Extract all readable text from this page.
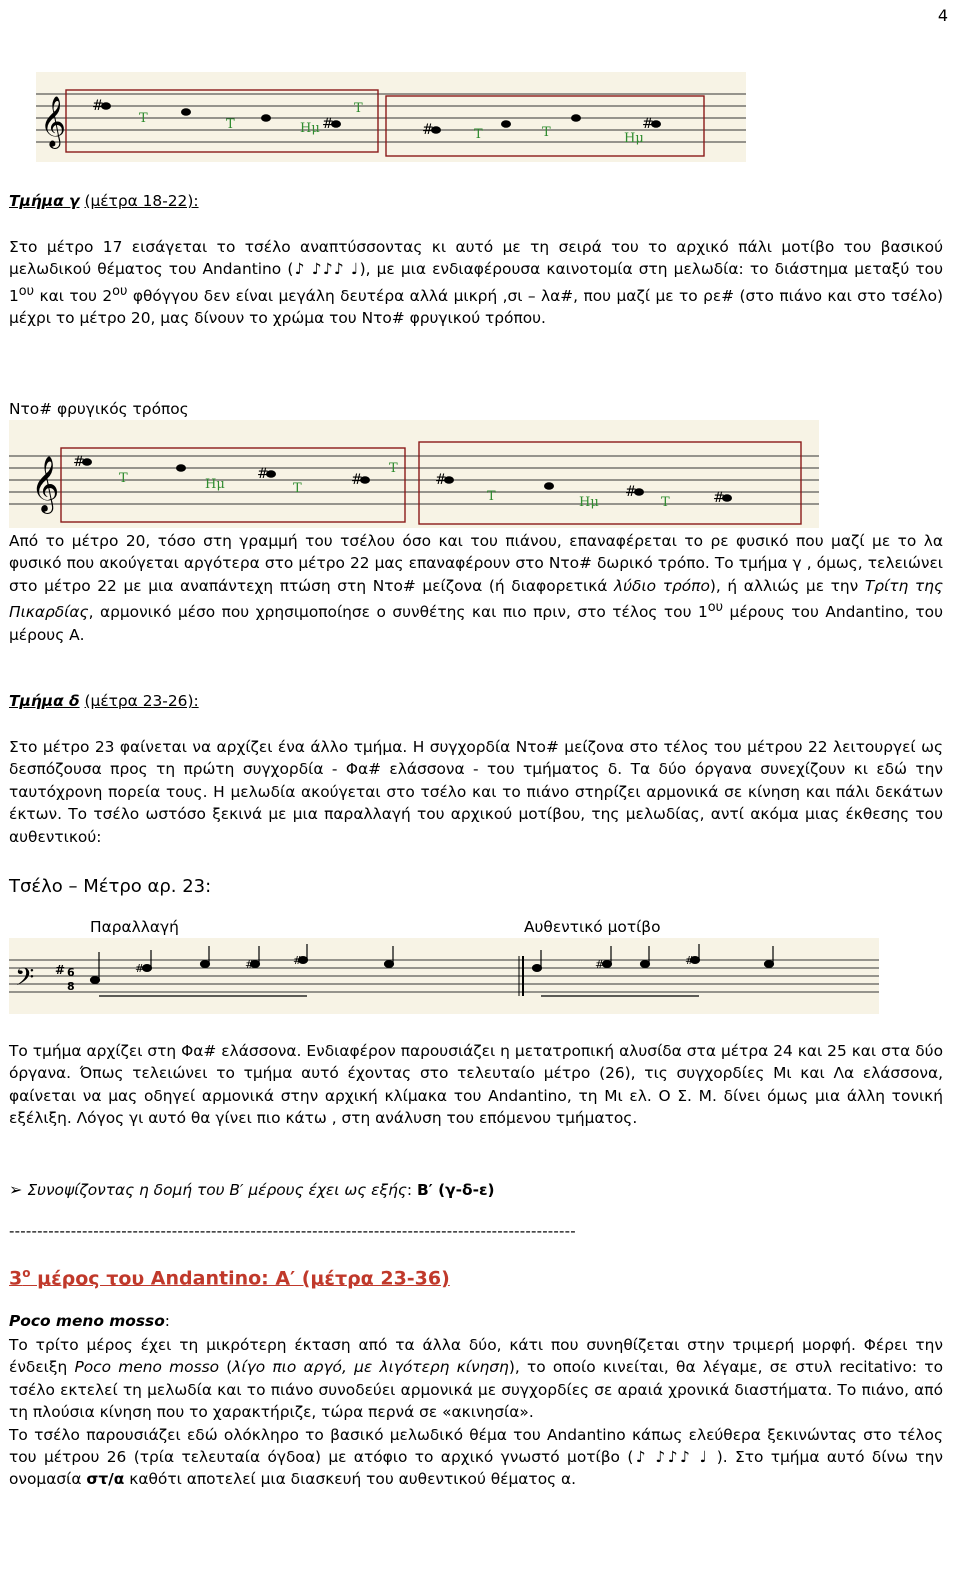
4
𝄞 #
#	#	#
Τ	Τ	Ημ
Τ
Τ	Τ	Ημ
Τμήμα γ (μέτρα 18-22):

Στο μέτρο 17 εισάγεται το τσέλο αναπτύσσοντας κι αυτό με τη σειρά του το αρχικό πάλι μοτίβο του βασικού μελωδικού θέματος του Andantino (♪ ♪♪♪ ♩), με μια ενδιαφέρουσα καινοτομία στη μελωδία: το διάστημα μεταξύ του $1^{o\upsilon}$ και του $2^{o\upsilon}$ φθόγγου δεν είναι μεγάλη δευτέρα αλλά μικρή ,σι – λα#, που μαζί με το ρε# (στο πιάνο και στο τσέλο) μέχρι το μέτρο 20, μας δίνουν το χρώμα του Ντο# φρυγικού τρόπου.

Ντο# φρυγικός τρόπος
𝄞 #
#	#	#
#	#
Τ	Ημ	Τ
Τ
Τ	Ημ	Τ

Από το μέτρο 20, τόσο στη γραμμή του τσέλου όσο και του πιάνου, επαναφέρεται το ρε φυσικό που μαζί με το λα φυσικό που ακούγεται αργότερα στο μέτρο 22 μας επαναφέρουν στο Ντο# δωρικό τρόπο. Το τμήμα γ , όμως, τελειώνει στο μέτρο 22 με μια αναπάντεχη πτώση στη Ντο# μείζονα (ή διαφορετικά λύδιο τρόπο), ή αλλιώς με την Τρίτη της Πικαρδίας, αρμονικό μέσο που χρησιμοποίησε ο συνθέτης και πιο πριν, στο τέλος του $1^{o\upsilon}$ μέρους του Andantino, του μέρους Α.

Τμήμα δ (μέτρα 23-26):

Στο μέτρο 23 φαίνεται να αρχίζει ένα άλλο τμήμα. Η συγχορδία Ντο# μείζονα στο τέλος του μέτρου 22 λειτουργεί ως δεσπόζουσα προς τη πρώτη συγχορδία - Φα# ελάσσονα - του τμήματος δ. Τα δύο όργανα συνεχίζουν κι εδώ την ταυτόχρονη πορεία τους. Η μελωδία ακούγεται στο τσέλο και το πιάνο στηρίζει αρμονικά σε κίνηση και πάλι δεκάτων έκτων. Το τσέλο ωστόσο ξεκινά με μια παραλλαγή του αρχικού μοτίβου, της μελωδίας, αντί ακόμα μιας έκθεσης του αυθεντικού:

Τσέλο – Μέτρο αρ. 23:
Παραλλαγή	Αυθεντικό μοτίβο
𝄢 # 6
8
#	#	#	#	#

Το τμήμα αρχίζει στη Φα# ελάσσονα. Ενδιαφέρον παρουσιάζει η μετατροπική αλυσίδα στα μέτρα 24 και 25 και στα δύο όργανα. Όπως τελειώνει το τμήμα αυτό έχοντας στο τελευταίο μέτρο (26), τις συγχορδίες Μι και Λα ελάσσονα, φαίνεται να μας οδηγεί αρμονικά στην αρχική κλίμακα του Andantino, τη Μι ελ. Ο Σ. Μ. δίνει όμως μια άλλη τονική εξέλιξη. Λόγος γι αυτό θα γίνει πιο κάτω , στη ανάλυση του επόμενου τμήματος.

➢ Συνοψίζοντας η δομή του Β′ μέρους έχει ως εξής: Β′ (γ-δ-ε)
-----------------------------------------------------------------------------------------------------
$3^o$ μέρος του Andantino: Α′ (μέτρα 23-36)
Poco meno mosso:

Το τρίτο μέρος έχει τη μικρότερη έκταση από τα άλλα δύο, κάτι που συνηθίζεται στην τριμερή μορφή. Φέρει την ένδειξη Poco meno mosso (λίγο πιο αργό, με λιγότερη κίνηση), το οποίο κινείται, θα λέγαμε, σε στυλ recitativo: το τσέλο εκτελεί τη μελωδία και το πιάνο συνοδεύει αρμονικά με συγχορδίες σε αραιά χρονικά διαστήματα. Το πιάνο, από τη πλούσια κίνηση που το χαρακτήριζε, τώρα περνά σε «ακινησία».
Το τσέλο παρουσιάζει εδώ ολόκληρο το βασικό μελωδικό θέμα του Andantino κάπως ελεύθερα ξεκινώντας στο τέλος του μέτρου 26 (τρία τελευταία όγδοα) με ατόφιο το αρχικό γνωστό μοτίβο (♪ ♪♪♪ ♩ ). Στο τμήμα αυτό δίνω την ονομασία στ/α καθότι αποτελεί μια διασκευή του αυθεντικού θέματος α.
